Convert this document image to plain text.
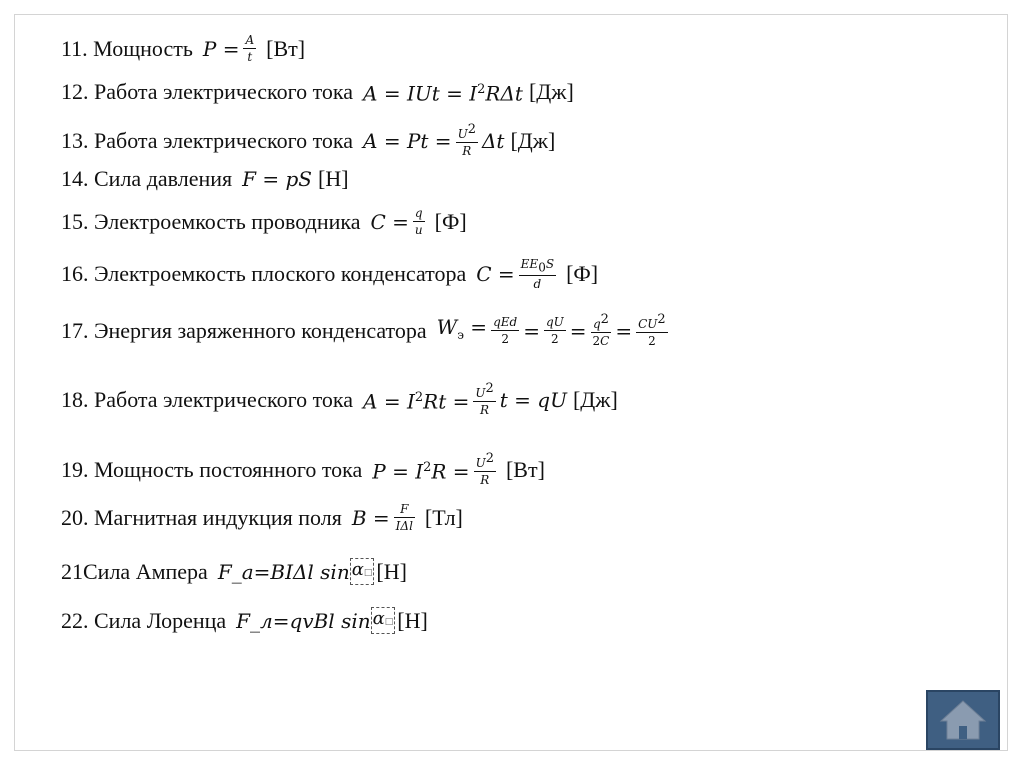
11. Мощность $P = \frac{A}{t} [Вт]$
12. Работа электрического тока A = IUt = $I^2R\Delta t$ [Дж]
13. Работа электрического тока $A = Pt = \frac{U2}{R}$ Δt [Дж]
14. Сила давления F = pS [Н]
15. Электроемкость проводника $C = \frac{q}{u} [Ф]$
16. Электроемкость плоского конденсатора $C = \frac{EE0S}{d} [Ф]$
17. Энергия заряженного конденсатора $W_э = \frac{\text{qEd}}{2} = \frac{qU}{2} = \frac{q2}{2C} = \frac{CU2}{2}$
18. Работа электрического тока $A = I^2Rt = \frac{U2}{R}$ t = qU [Дж]
19. Мощность постоянного тока $P = I^2R = \frac{U2}{R} [Вт]$
20. Магнитная индукция поля $B = \frac{F}{\text{IΔl}} [Тл]$
21Сила Ампера F_а=BIΔl sin α□ [Н]
22. Сила Лоренца F_л=qvBl sin α□ [Н]
